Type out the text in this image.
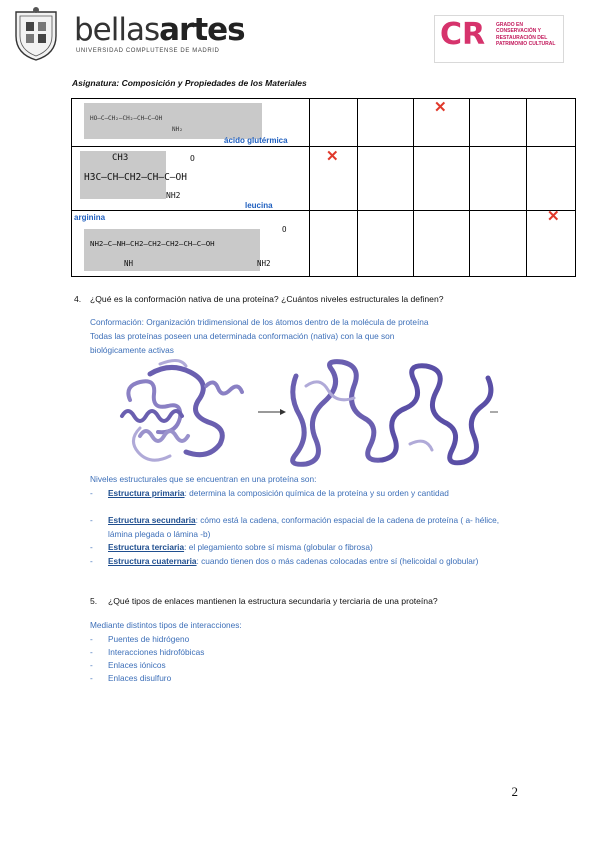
bellasartes
UNIVERSIDAD COMPLUTENSE DE MADRID	CR GRADO EN CONSERVACIÓN Y RESTAURACIÓN DEL PATRIMONIO CULTURAL
Asignatura: Composición y Propiedades de los Materiales
HO—C—CH₂—CH₂—CH—C—OH
NH₂
ácido glutérmica			✕		

CH3 O
H3C—CH—CH2—CH—C—OH
NH2
leucina	✕				

arginina
O
NH2—C—NH—CH2—CH2—CH2—CH—C—OH
NH NH2					✕
4. ¿Qué es la conformación nativa de una proteína? ¿Cuántos niveles estructurales la definen?
Conformación: Organización tridimensional de los átomos dentro de la molécula de proteína
Todas las proteínas poseen una determinada conformación (nativa) con la que son
biológicamente activas
Niveles estructurales que se encuentran en una proteína son:
- Estructura primaria: determina la composición química de la proteína y su orden y cantidad
- Estructura secundaria: cómo está la cadena, conformación espacial de la cadena de proteína ( a- hélice, lámina plegada o lámina -b)
- Estructura terciaria: el plegamiento sobre sí misma (globular o fibrosa)
- Estructura cuaternaria: cuando tienen dos o más cadenas colocadas entre sí (helicoidal o globular)
5. ¿Qué tipos de enlaces mantienen la estructura secundaria y terciaria de una proteína?
Mediante distintos tipos de interacciones:
- Puentes de hidrógeno
- Interacciones hidrofóbicas
- Enlaces iónicos
- Enlaces disulfuro
2
